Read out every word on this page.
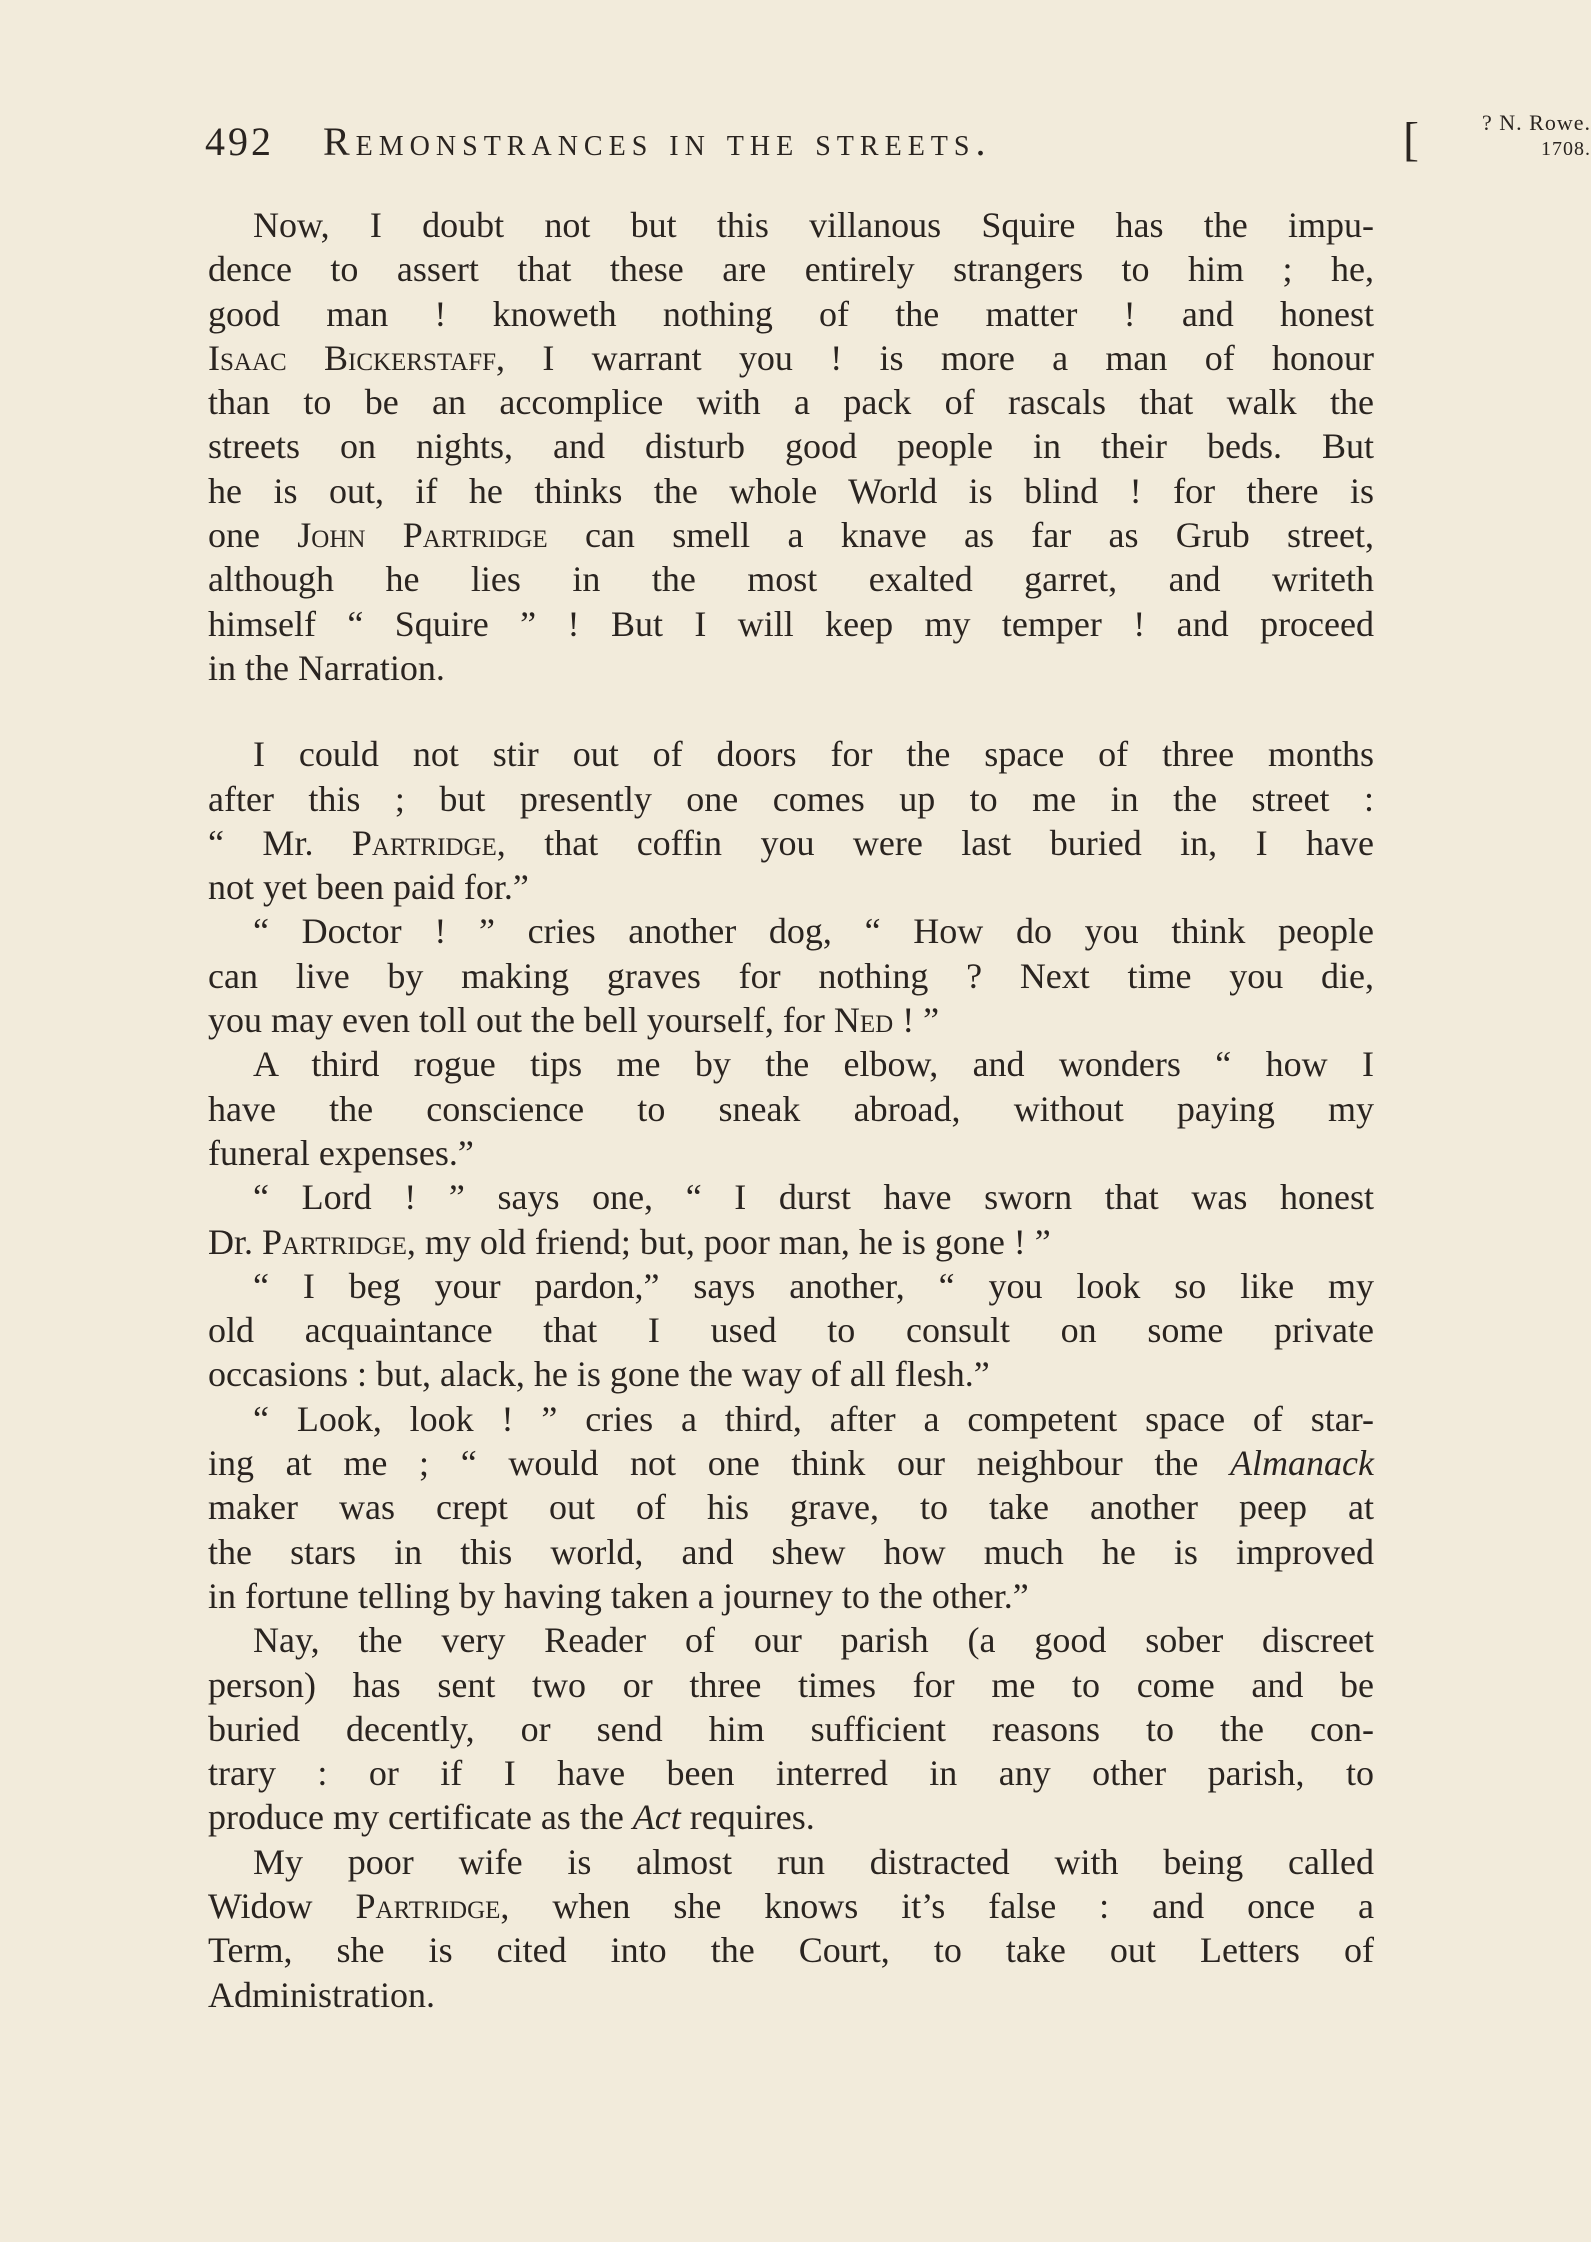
492 Remonstrances in the streets.	[	? N. Rowe.
1708.
Now, I doubt not but this villanous Squire has the impu-
dence to assert that these are entirely strangers to him ; he,
good man ! knoweth nothing of the matter ! and honest
Isaac Bickerstaff, I warrant you ! is more a man of honour
than to be an accomplice with a pack of rascals that walk the
streets on nights, and disturb good people in their beds. But
he is out, if he thinks the whole World is blind ! for there is
one John Partridge can smell a knave as far as Grub street,
although he lies in the most exalted garret, and writeth
himself “ Squire ” ! But I will keep my temper ! and proceed
in the Narration.
I could not stir out of doors for the space of three months
after this ; but presently one comes up to me in the street :
“ Mr. Partridge, that coffin you were last buried in, I have
not yet been paid for.”
“ Doctor ! ” cries another dog, “ How do you think people
can live by making graves for nothing ? Next time you die,
you may even toll out the bell yourself, for Ned ! ”
A third rogue tips me by the elbow, and wonders “ how I
have the conscience to sneak abroad, without paying my
funeral expenses.”
“ Lord ! ” says one, “ I durst have sworn that was honest
Dr. Partridge, my old friend; but, poor man, he is gone ! ”
“ I beg your pardon,” says another, “ you look so like my
old acquaintance that I used to consult on some private
occasions : but, alack, he is gone the way of all flesh.”
“ Look, look ! ” cries a third, after a competent space of star-
ing at me ; “ would not one think our neighbour the Almanack
maker was crept out of his grave, to take another peep at
the stars in this world, and shew how much he is improved
in fortune telling by having taken a journey to the other.”
Nay, the very Reader of our parish (a good sober discreet
person) has sent two or three times for me to come and be
buried decently, or send him sufficient reasons to the con-
trary : or if I have been interred in any other parish, to
produce my certificate as the Act requires.
My poor wife is almost run distracted with being called
Widow Partridge, when she knows it’s false : and once a
Term, she is cited into the Court, to take out Letters of
Administration.
